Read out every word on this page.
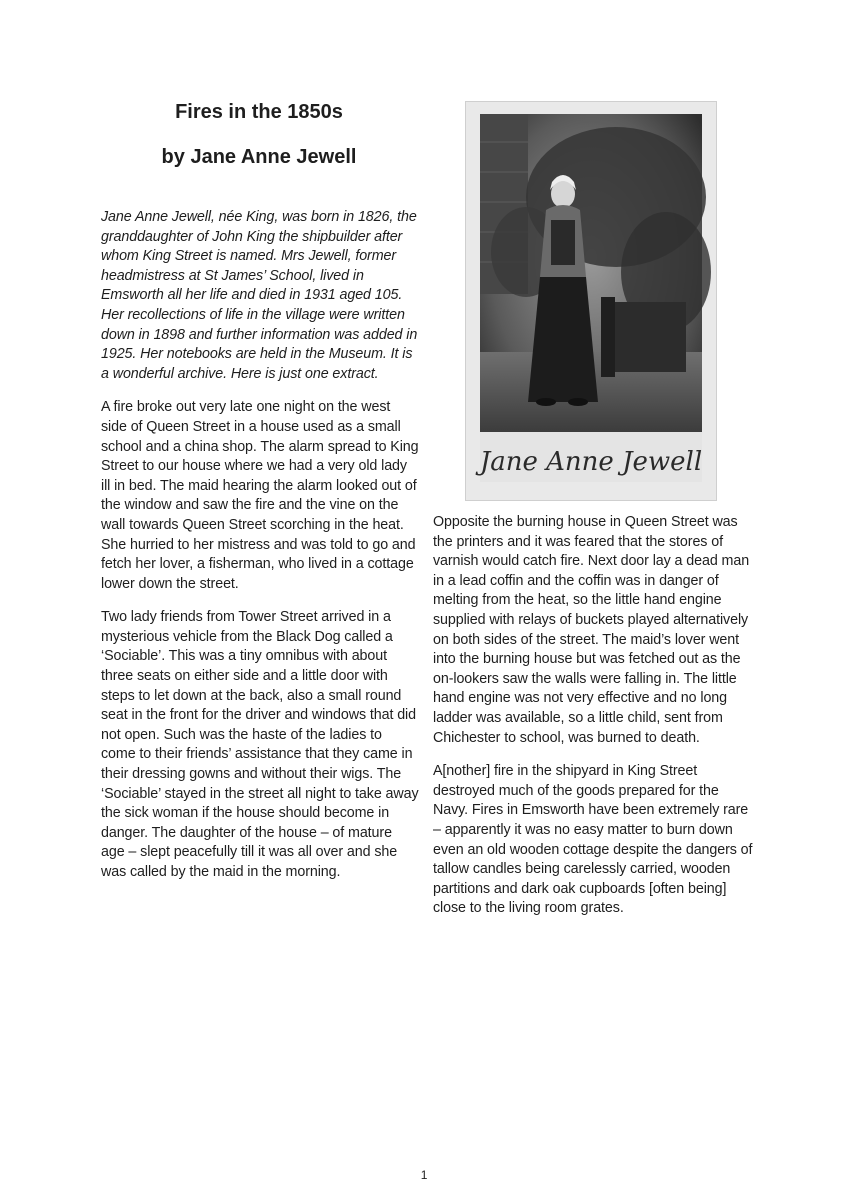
Fires in the 1850s
by Jane Anne Jewell

Jane Anne Jewell, née King, was born in 1826, the granddaughter of John King the shipbuilder after whom King Street is named. Mrs Jewell, former headmistress at St James’ School, lived in Emsworth all her life and died in 1931 aged 105. Her recollections of life in the village were written down in 1898 and further information was added in 1925. Her notebooks are held in the Museum. It is a wonderful archive. Here is just one extract.

A fire broke out very late one night on the west side of Queen Street in a house used as a small school and a china shop. The alarm spread to King Street to our house where we had a very old lady ill in bed. The maid hearing the alarm looked out of the window and saw the fire and the vine on the wall towards Queen Street scorching in the heat. She hurried to her mistress and was told to go and fetch her lover, a fisherman, who lived in a cottage lower down the street.

Two lady friends from Tower Street arrived in a mysterious vehicle from the Black Dog called a ‘Sociable’. This was a tiny omnibus with about three seats on either side and a little door with steps to let down at the back, also a small round seat in the front for the driver and windows that did not open. Such was the haste of the ladies to come to their friends’ assistance that they came in their dressing gowns and without their wigs. The ‘Sociable’ stayed in the street all night to take away the sick woman if the house should become in danger. The daughter of the house – of mature age – slept peacefully till it was all over and she was called by the maid in the morning.

Jane Anne Jewell

Opposite the burning house in Queen Street was the printers and it was feared that the stores of varnish would catch fire. Next door lay a dead man in a lead coffin and the coffin was in danger of melting from the heat, so the little hand engine supplied with relays of buckets played alternatively on both sides of the street. The maid’s lover went into the burning house but was fetched out as the on-lookers saw the walls were falling in. The little hand engine was not very effective and no long ladder was available, so a little child, sent from Chichester to school, was burned to death.

A[nother] fire in the shipyard in King Street destroyed much of the goods prepared for the Navy. Fires in Emsworth have been extremely rare – apparently it was no easy matter to burn down even an old wooden cottage despite the dangers of tallow candles being carelessly carried, wooden partitions and dark oak cupboards [often being] close to the living room grates.

1
